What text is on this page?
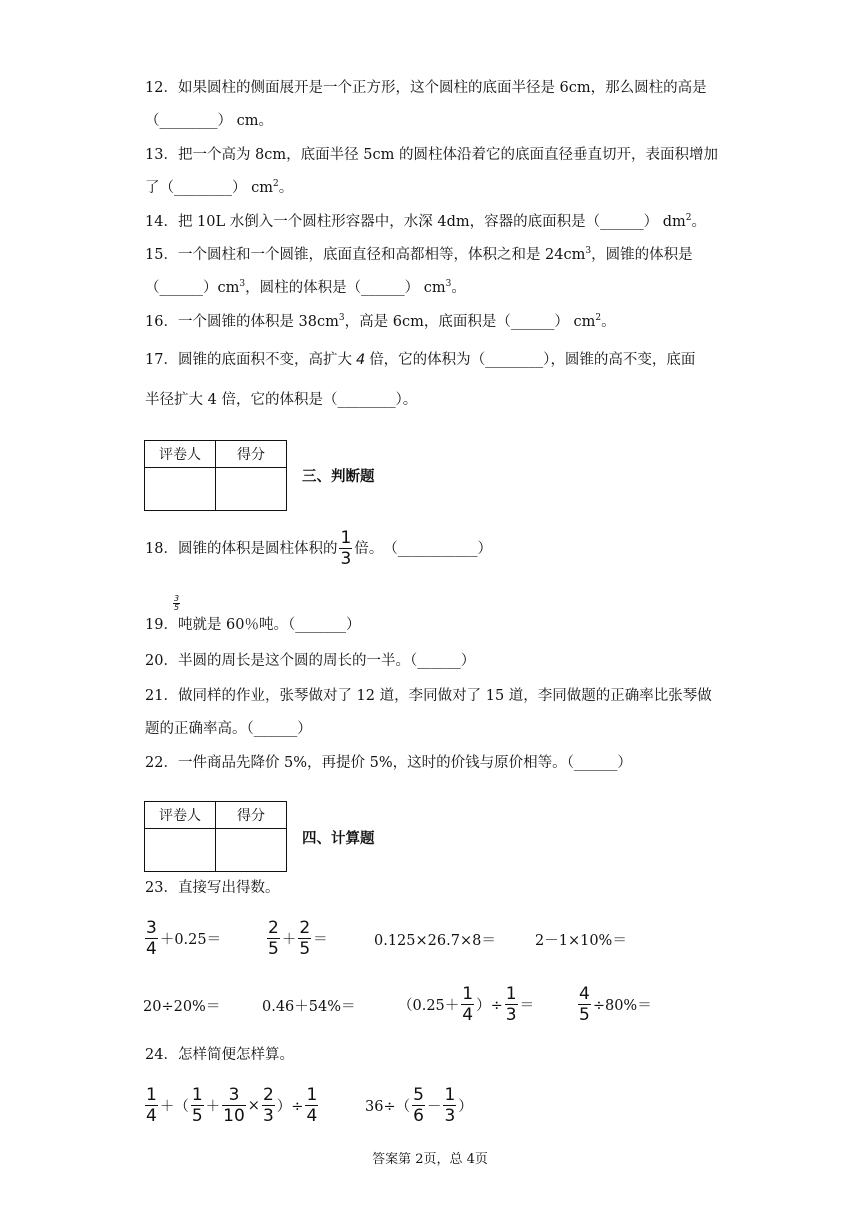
12．如果圆柱的侧面展开是一个正方形，这个圆柱的底面半径是 6cm，那么圆柱的高是
（________） cm。
13．把一个高为 8cm，底面半径 5cm 的圆柱体沿着它的底面直径垂直切开，表面积增加
了（________） $cm^2$。
14．把 10L 水倒入一个圆柱形容器中，水深 4dm，容器的底面积是（______） $dm^2$。
15．一个圆柱和一个圆锥，底面直径和高都相等，体积之和是 $24cm^3$，圆锥的体积是
$(\_\_\_\_\_\_)cm^3$，圆柱的体积是（______） $cm^3$。
16．一个圆锥的体积是 $38cm^3$，高是 6cm，底面积是（______） $cm^2$。
17．圆锥的底面积不变，高扩大 4 倍，它的体积为（________），圆锥的高不变，底面
半径扩大 4 倍，它的体积是（________）。
评卷人	得分

三、判断题
18．圆锥的体积是圆柱体积的 $\frac{1}{3}$ 倍。 （___________）
$\frac{3}{5}$
19．吨就是 60％吨。（_______）
20．半圆的周长是这个圆的周长的一半。（______）
21．做同样的作业，张琴做对了 12 道，李同做对了 15 道，李同做题的正确率比张琴做
题的正确率高。（______）
22．一件商品先降价 5%，再提价 5%，这时的价钱与原价相等。（______）
评卷人	得分

四、计算题
23．直接写出得数。
$\frac{3}{4} +0.25=$	$\frac{2}{5} + \frac{2}{5}$ ＝	0.125×26.7×8＝	2－1×10%＝
20÷20%＝	0.46＋54%＝	（$0.25+ \frac{1}{4}$ ）÷ $\frac{1}{3}$ ＝	$\frac{4}{5} \div 80\%=$
24．怎样简便怎样算。
$\frac{1}{4}$ ＋（ $\frac{1}{5} + \frac{3}{10} \times \frac{2}{3}$ ）÷ $\frac{1}{4}$	$36\div( \frac{5}{6} - \frac{1}{3}$ ）
答案第 2页，总 4页
